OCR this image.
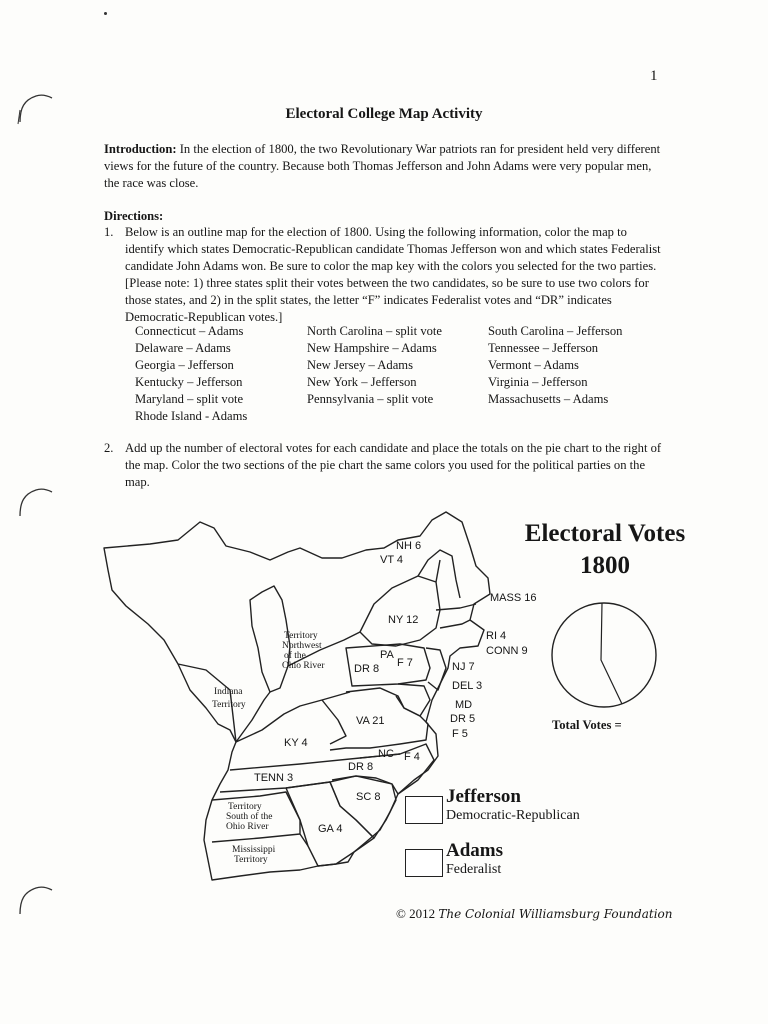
1
Electoral College Map Activity
Introduction: In the election of 1800, the two Revolutionary War patriots ran for president held very different views for the future of the country. Because both Thomas Jefferson and John Adams were very popular men, the race was close.
Directions:
1. Below is an outline map for the election of 1800. Using the following information, color the map to identify which states Democratic-Republican candidate Thomas Jefferson won and which states Federalist candidate John Adams won. Be sure to color the map key with the colors you selected for the two parties. [Please note: 1) three states split their votes between the two candidates, so be sure to use two colors for those states, and 2) in the split states, the letter “F” indicates Federalist votes and “DR” indicates Democratic-Republican votes.]
Connecticut – Adams
Delaware – Adams
Georgia – Jefferson
Kentucky – Jefferson
Maryland – split vote
Rhode Island - Adams
North Carolina – split vote
New Hampshire – Adams
New Jersey – Adams
New York – Jefferson
Pennsylvania – split vote
South Carolina – Jefferson
Tennessee – Jefferson
Vermont – Adams
Virginia – Jefferson
Massachusetts – Adams
2. Add up the number of electoral votes for each candidate and place the totals on the pie chart to the right of the map. Color the two sections of the pie chart the same colors you used for the political parties on the map.
NH 6
VT 4
MASS 16
NY 12
RI 4
CONN 9
PA
DR 8 F 7	NJ 7
DEL 3
MD
DR 5
F 5
VA 21
NC F 4
DR 8
KY 4
TENN 3
SC 8
GA 4
Territory Northwest of the Ohio River
Indiana Territory
Territory South of the Ohio River
Mississippi Territory
Electoral Votes
1800
Total Votes =
Jefferson
Democratic-Republican
Adams
Federalist
© 2012 The Colonial Williamsburg Foundation
